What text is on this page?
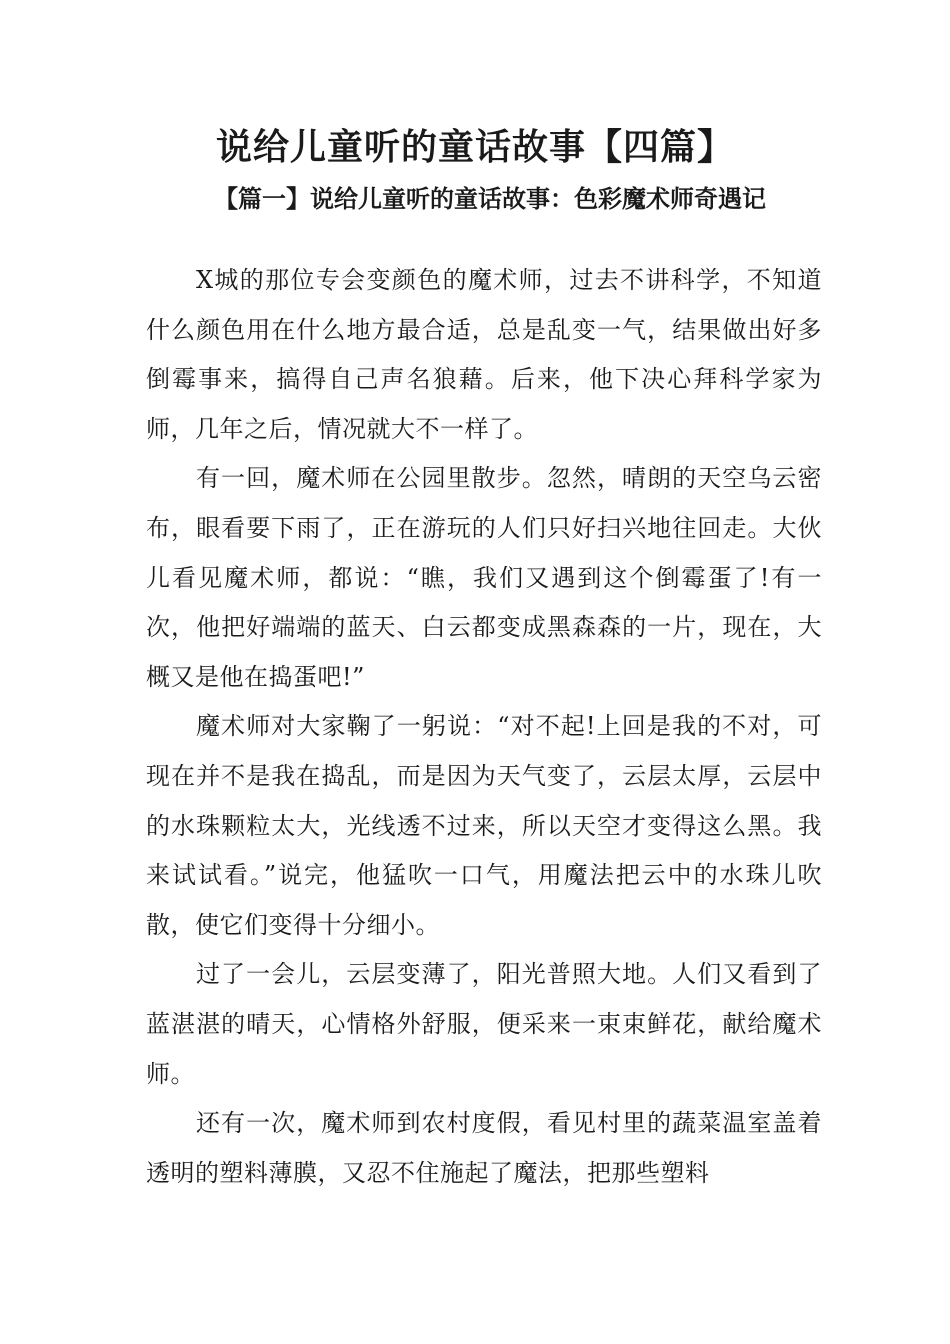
说给儿童听的童话故事【四篇】
【篇一】说给儿童听的童话故事：色彩魔术师奇遇记

X城的那位专会变颜色的魔术师，过去不讲科学，不知道什么颜色用在什么地方最合适，总是乱变一气，结果做出好多倒霉事来，搞得自己声名狼藉。后来，他下决心拜科学家为师，几年之后，情况就大不一样了。

有一回，魔术师在公园里散步。忽然，晴朗的天空乌云密布，眼看要下雨了，正在游玩的人们只好扫兴地往回走。大伙儿看见魔术师，都说：“瞧，我们又遇到这个倒霉蛋了!有一次，他把好端端的蓝天、白云都变成黑森森的一片，现在，大概又是他在捣蛋吧!”

魔术师对大家鞠了一躬说：“对不起!上回是我的不对，可现在并不是我在捣乱，而是因为天气变了，云层太厚，云层中的水珠颗粒太大，光线透不过来，所以天空才变得这么黑。我来试试看。”说完，他猛吹一口气，用魔法把云中的水珠儿吹散，使它们变得十分细小。

过了一会儿，云层变薄了，阳光普照大地。人们又看到了蓝湛湛的晴天，心情格外舒服，便采来一束束鲜花，献给魔术师。

还有一次，魔术师到农村度假，看见村里的蔬菜温室盖着透明的塑料薄膜，又忍不住施起了魔法，把那些塑料
